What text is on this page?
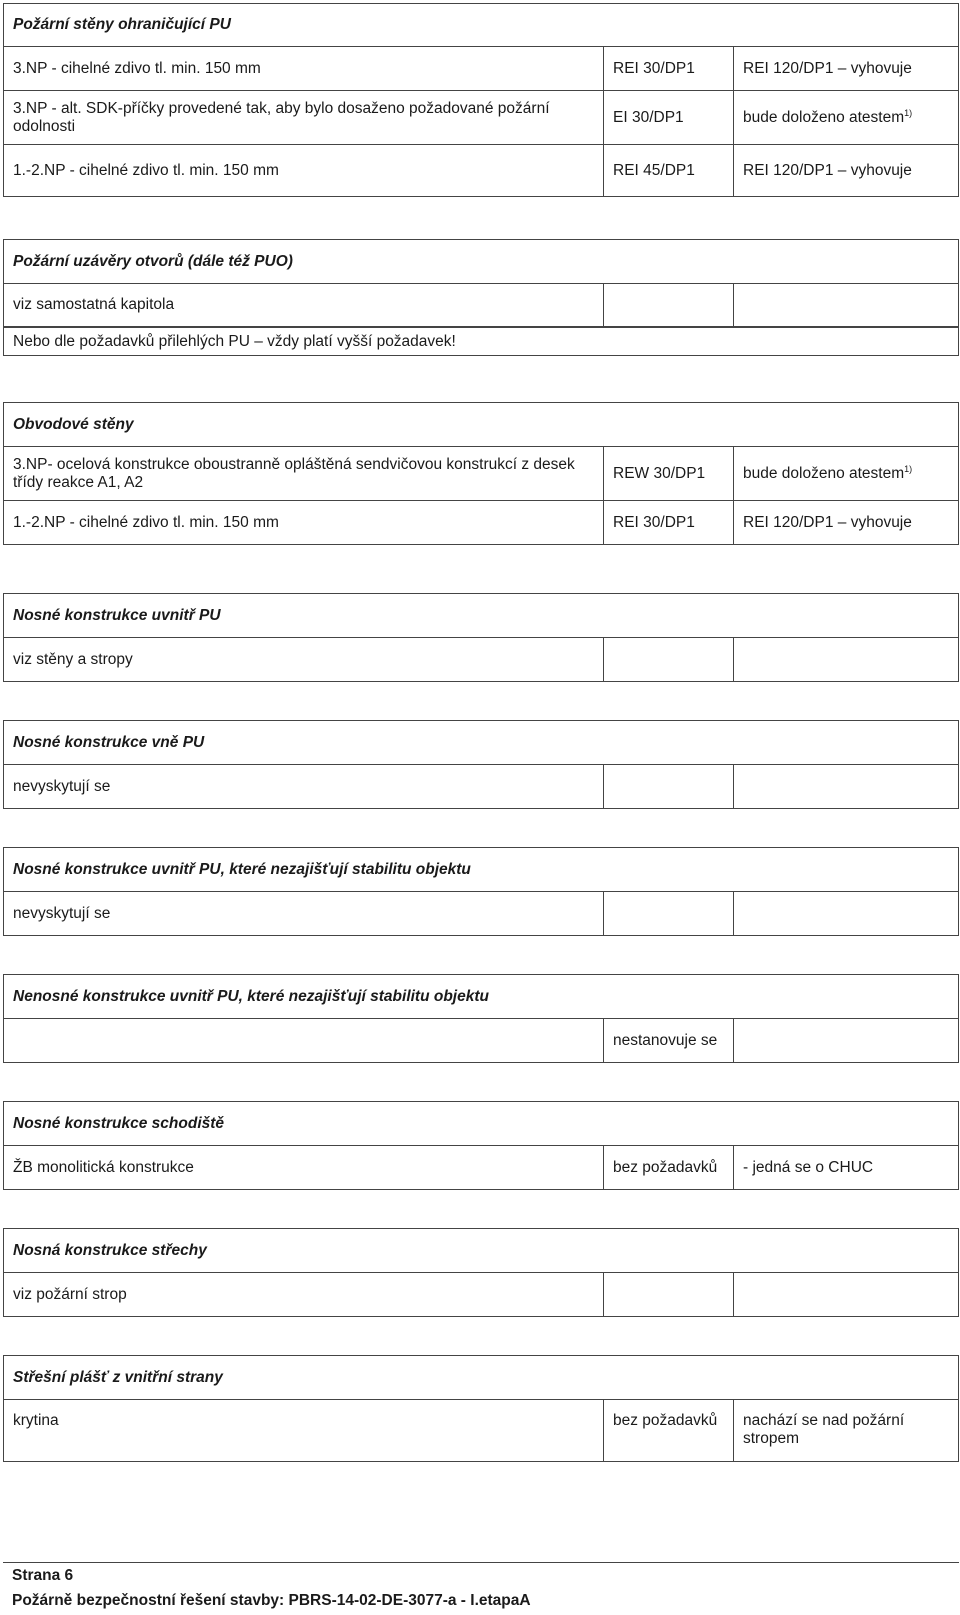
Požární stěny ohraničující PU		
3.NP - cihelné zdivo tl. min. 150 mm	REI 30/DP1	REI 120/DP1 – vyhovuje
3.NP - alt. SDK-příčky provedené tak, aby bylo dosaženo požadované požární odolnosti	EI 30/DP1	bude doloženo atestem$^{1)}$
1.-2.NP - cihelné zdivo tl. min. 150 mm	REI 45/DP1	REI 120/DP1 – vyhovuje
Požární uzávěry otvorů (dále též PUO)
viz samostatná kapitola		
Nebo dle požadavků přilehlých PU – vždy platí vyšší požadavek!
Obvodové stěny		
3.NP- ocelová konstrukce oboustranně opláštěná sendvičovou konstrukcí z desek třídy reakce A1, A2	REW 30/DP1	bude doloženo atestem$^{1)}$
1.-2.NP - cihelné zdivo tl. min. 150 mm	REI 30/DP1	REI 120/DP1 – vyhovuje
Nosné konstrukce uvnitř PU
viz stěny a stropy		
Nosné konstrukce vně PU
nevyskytují se		
Nosné konstrukce uvnitř PU, které nezajišťují stabilitu objektu
nevyskytují se		
Nenosné konstrukce uvnitř PU, které nezajišťují stabilitu objektu
	nestanovuje se	
Nosné konstrukce schodiště
ŽB monolitická konstrukce	bez požadavků	- jedná se o CHUC
Nosná konstrukce střechy
viz požární strop		
Střešní plášť z vnitřní strany
krytina	bez požadavků	nachází se nad požární stropem
Strana 6
Požárně bezpečnostní řešení stavby: PBRS-14-02-DE-3077-a - I.etapaA
